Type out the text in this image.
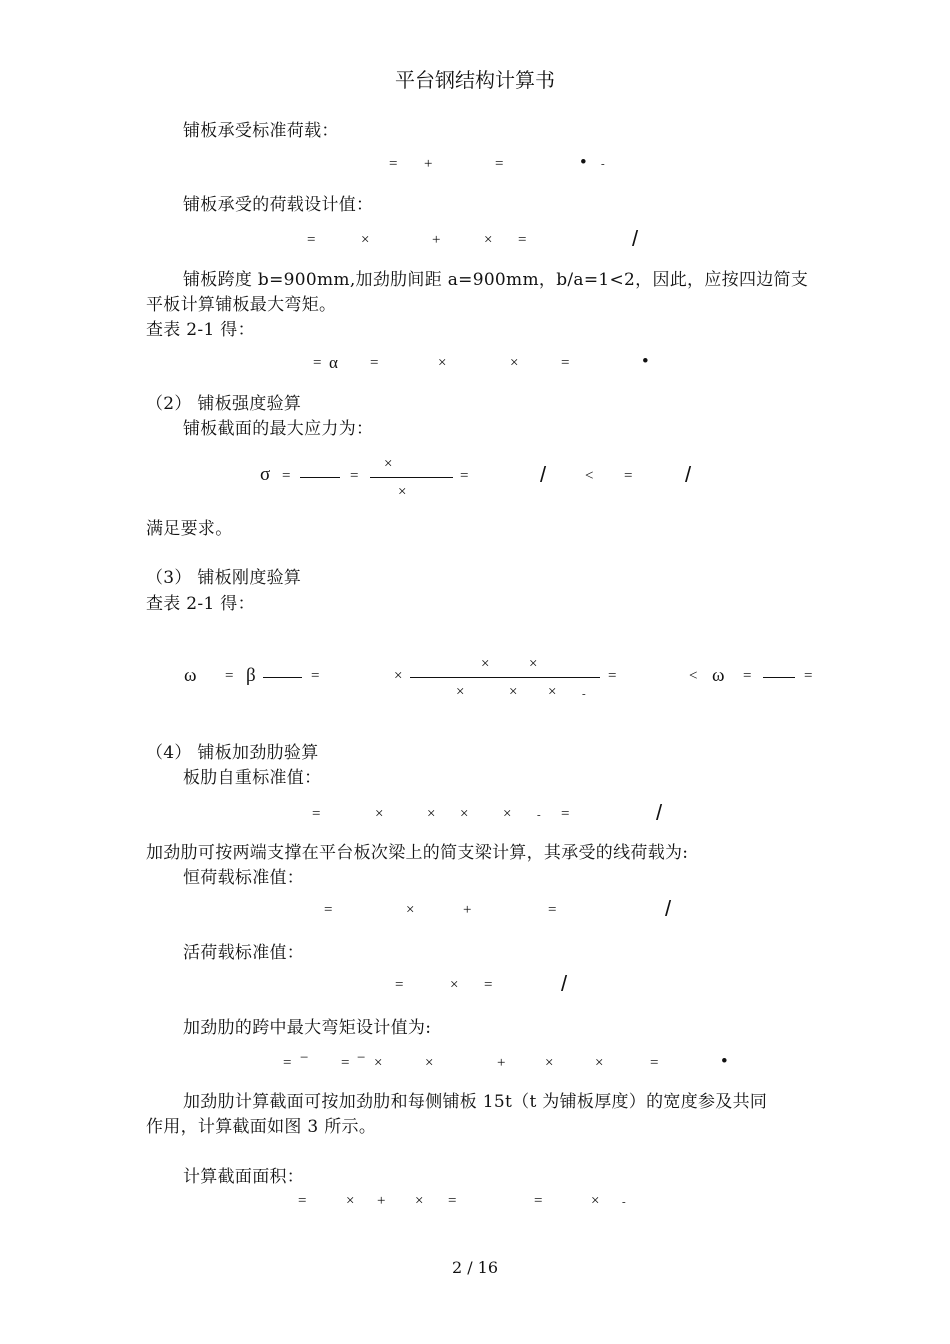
平台钢结构计算书
铺板承受标准荷载：
= +	=	• -
铺板承受的荷载设计值：
=	×	+	× =	/
铺板跨度 b=900mm,加劲肋间距 a=900mm，b/a=1<2，因此，应按四边简支
平板计算铺板最大弯矩。
查表 2-1 得：
= α =	×	×	=	•
（2） 铺板强度验算
铺板截面的最大应力为：
σ =	=
×
×
=	/	< = /
满足要求。
（3） 铺板刚度验算
查表 2-1 得：
ω = β	=	×
×	×
×	× × -
=	< ω =	=
（4） 铺板加劲肋验算
板肋自重标准值：
=	×	× × × - =	/
加劲肋可按两端支撑在平台板次梁上的简支梁计算，其承受的线荷载为:
恒荷载标准值：
=	×	+	=	/
活荷载标准值：
=	× =	/
加劲肋的跨中最大弯矩设计值为:
= − = − ×	×	+	×	×	=	•
加劲肋计算截面可按加劲肋和每侧铺板 15t（t 为铺板厚度）的宽度参及共同
作用，计算截面如图 3 所示。
计算截面面积：
=	× + × =	=	× -
2 / 16
